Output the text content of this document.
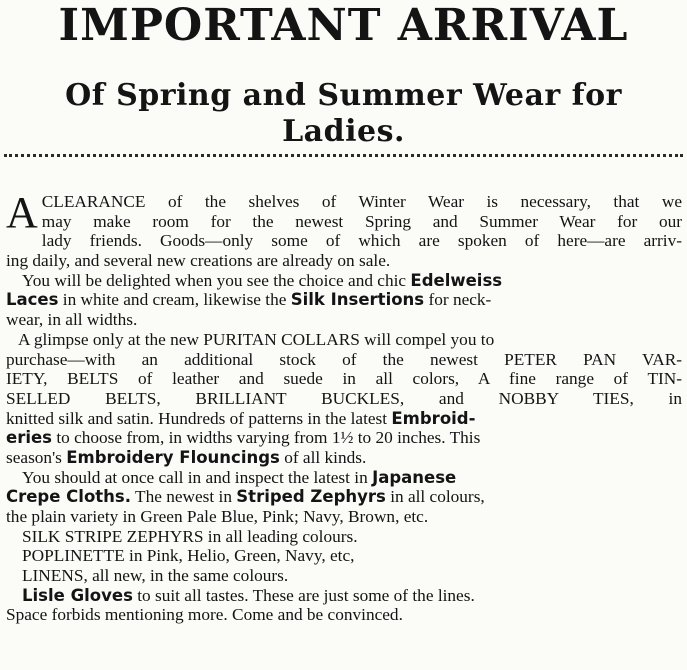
IMPORTANT ARRIVAL
Of Spring and Summer Wear for Ladies.
A CLEARANCE of the shelves of Winter Wear is necessary, that we
may make room for the newest Spring and Summer Wear for our
lady friends. Goods—only some of which are spoken of here—are arriv-
ing daily, and several new creations are already on sale.
You will be delighted when you see the choice and chic Edelweiss
Laces in white and cream, likewise the Silk Insertions for neck-
wear, in all widths.
A glimpse only at the new PURITAN COLLARS will compel you to
purchase—with an additional stock of the newest PETER PAN VAR-
IETY, BELTS of leather and suede in all colors, A fine range of TIN-
SELLED BELTS, BRILLIANT BUCKLES, and NOBBY TIES, in
knitted silk and satin. Hundreds of patterns in the latest Embroid-
eries to choose from, in widths varying from 1½ to 20 inches. This
season's Embroidery Flouncings of all kinds.
You should at once call in and inspect the latest in Japanese
Crepe Cloths. The newest in Striped Zephyrs in all colours,
the plain variety in Green Pale Blue, Pink; Navy, Brown, etc.
SILK STRIPE ZEPHYRS in all leading colours.
POPLINETTE in Pink, Helio, Green, Navy, etc,
LINENS, all new, in the same colours.
Lisle Gloves to suit all tastes. These are just some of the lines.
Space forbids mentioning more. Come and be convinced.
